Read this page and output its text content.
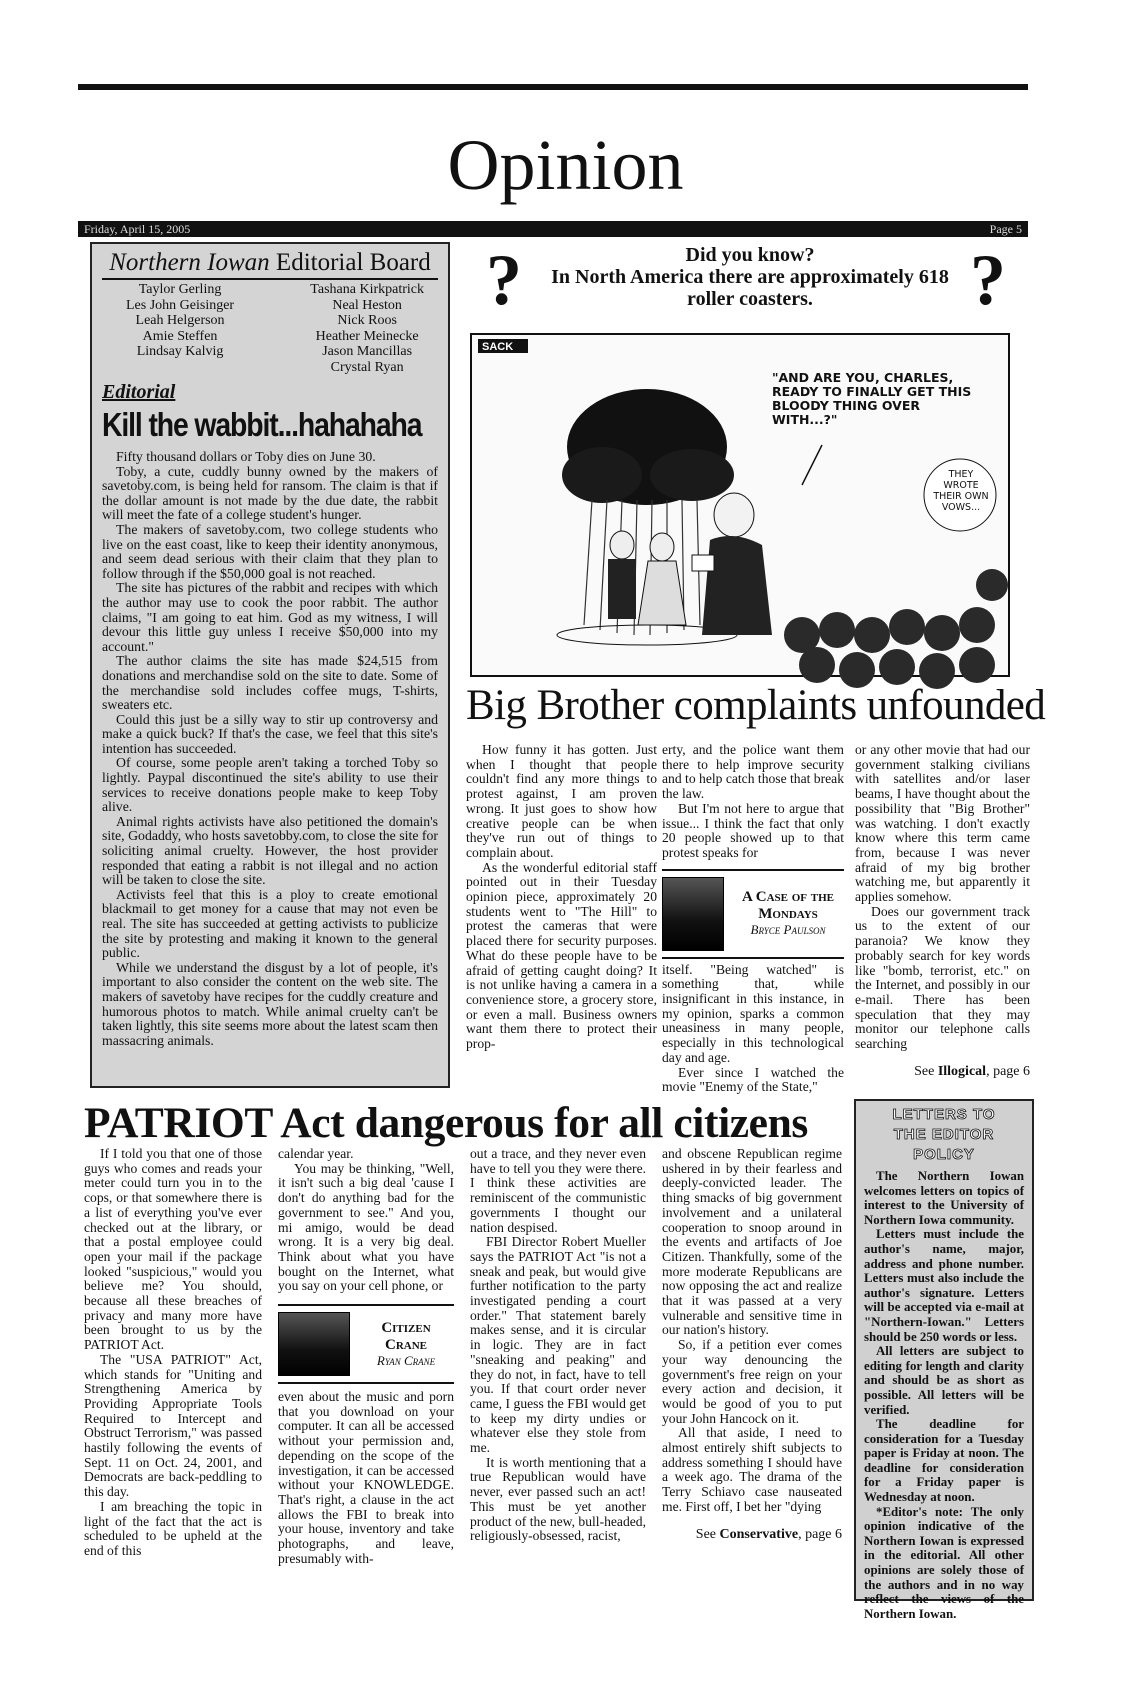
Opinion
Friday, April 15, 2005	Page 5
Northern Iowan Editorial Board
Taylor Gerling
Les John Geisinger
Leah Helgerson
Amie Steffen
Lindsay Kalvig
Tashana Kirkpatrick
Neal Heston
Nick Roos
Heather Meinecke
Jason Mancillas
Crystal Ryan
Editorial
Kill the wabbit...hahahaha

Fifty thousand dollars or Toby dies on June 30.

Toby, a cute, cuddly bunny owned by the makers of savetoby.com, is being held for ransom. The claim is that if the dollar amount is not made by the due date, the rabbit will meet the fate of a college student's hunger.

The makers of savetoby.com, two college students who live on the east coast, like to keep their identity anonymous, and seem dead serious with their claim that they plan to follow through if the $50,000 goal is not reached.

The site has pictures of the rabbit and recipes with which the author may use to cook the poor rabbit. The author claims, "I am going to eat him. God as my witness, I will devour this little guy unless I receive $50,000 into my account."

The author claims the site has made $24,515 from donations and merchandise sold on the site to date. Some of the merchandise sold includes coffee mugs, T-shirts, sweaters etc.

Could this just be a silly way to stir up controversy and make a quick buck? If that's the case, we feel that this site's intention has succeeded.

Of course, some people aren't taking a torched Toby so lightly. Paypal discontinued the site's ability to use their services to receive donations people make to keep Toby alive.

Animal rights activists have also petitioned the domain's site, Godaddy, who hosts savetobby.com, to close the site for soliciting animal cruelty. However, the host provider responded that eating a rabbit is not illegal and no action will be taken to close the site.

Activists feel that this is a ploy to create emotional blackmail to get money for a cause that may not even be real. The site has succeeded at getting activists to publicize the site by protesting and making it known to the general public.

While we understand the disgust by a lot of people, it's important to also consider the content on the web site. The makers of savetoby have recipes for the cuddly creature and humorous photos to match. While animal cruelty can't be taken lightly, this site seems more about the latest scam then massacring animals.

?	?
Did you know?
In North America there are approximately 618 roller coasters.
SACK
"AND ARE YOU, CHARLES, READY TO FINALLY GET THIS BLOODY THING OVER WITH...?"
THEY WROTE THEIR OWN VOWS...
Big Brother complaints unfounded

How funny it has gotten. Just when I thought that people couldn't find any more things to protest against, I am proven wrong. It just goes to show how creative people can be when they've run out of things to complain about.

As the wonderful editorial staff pointed out in their Tuesday opinion piece, approximately 20 students went to "The Hill" to protest the cameras that were placed there for security purposes. What do these people have to be afraid of getting caught doing? It is not unlike having a camera in a convenience store, a grocery store, or even a mall. Business owners want them there to protect their prop-

erty, and the police want them there to help improve security and to help catch those that break the law.

But I'm not here to argue that issue... I think the fact that only 20 people showed up to that protest speaks for

A Case of the Mondays
Bryce Paulson

itself. "Being watched" is something that, while insignificant in this instance, in my opinion, sparks a common uneasiness in many people, especially in this technological day and age.

Ever since I watched the movie "Enemy of the State,"

or any other movie that had our government stalking civilians with satellites and/or laser beams, I have thought about the possibility that "Big Brother" was watching. I don't exactly know where this term came from, because I was never afraid of my big brother watching me, but apparently it applies somehow.

Does our government track us to the extent of our paranoia? We know they probably search for key words like "bomb, terrorist, etc." on the Internet, and possibly in our e-mail. There has been speculation that they may monitor our telephone calls searching

See Illogical, page 6
PATRIOT Act dangerous for all citizens

If I told you that one of those guys who comes and reads your meter could turn you in to the cops, or that somewhere there is a list of everything you've ever checked out at the library, or that a postal employee could open your mail if the package looked "suspicious," would you believe me? You should, because all these breaches of privacy and many more have been brought to us by the PATRIOT Act.

The "USA PATRIOT" Act, which stands for "Uniting and Strengthening America by Providing Appropriate Tools Required to Intercept and Obstruct Terrorism," was passed hastily following the events of Sept. 11 on Oct. 24, 2001, and Democrats are back-peddling to this day.

I am breaching the topic in light of the fact that the act is scheduled to be upheld at the end of this

calendar year.

You may be thinking, "Well, it isn't such a big deal 'cause I don't do anything bad for the government to see." And you, mi amigo, would be dead wrong. It is a very big deal. Think about what you have bought on the Internet, what you say on your cell phone, or

Citizen
Crane
Ryan Crane

even about the music and porn that you download on your computer. It can all be accessed without your permission and, depending on the scope of the investigation, it can be accessed without your KNOWLEDGE. That's right, a clause in the act allows the FBI to break into your house, inventory and take photographs, and leave, presumably with-

out a trace, and they never even have to tell you they were there. I think these activities are reminiscent of the communistic governments I thought our nation despised.

FBI Director Robert Mueller says the PATRIOT Act "is not a sneak and peak, but would give further notification to the party investigated pending a court order." That statement barely makes sense, and it is circular in logic. They are in fact "sneaking and peaking" and they do not, in fact, have to tell you. If that court order never came, I guess the FBI would get to keep my dirty undies or whatever else they stole from me.

It is worth mentioning that a true Republican would have never, ever passed such an act! This must be yet another product of the new, bull-headed, religiously-obsessed, racist,

and obscene Republican regime ushered in by their fearless and deeply-convicted leader. The thing smacks of big government involvement and a unilateral cooperation to snoop around in the events and artifacts of Joe Citizen. Thankfully, some of the more moderate Republicans are now opposing the act and realize that it was passed at a very vulnerable and sensitive time in our nation's history.

So, if a petition ever comes your way denouncing the government's free reign on your every action and decision, it would be good of you to put your John Hancock on it.

All that aside, I need to almost entirely shift subjects to address something I should have a week ago. The drama of the Terry Schiavo case nauseated me. First off, I bet her "dying

See Conservative, page 6
LETTERS TO
THE EDITOR
POLICY

The Northern Iowan welcomes letters on topics of interest to the University of Northern Iowa community.

Letters must include the author's name, major, address and phone number. Letters must also include the author's signature. Letters will be accepted via e-mail at "Northern-Iowan." Letters should be 250 words or less.

All letters are subject to editing for length and clarity and should be as short as possible. All letters will be verified.

The deadline for consideration for a Tuesday paper is Friday at noon. The deadline for consideration for a Friday paper is Wednesday at noon.

*Editor's note: The only opinion indicative of the Northern Iowan is expressed in the editorial. All other opinions are solely those of the authors and in no way reflect the views of the Northern Iowan.
